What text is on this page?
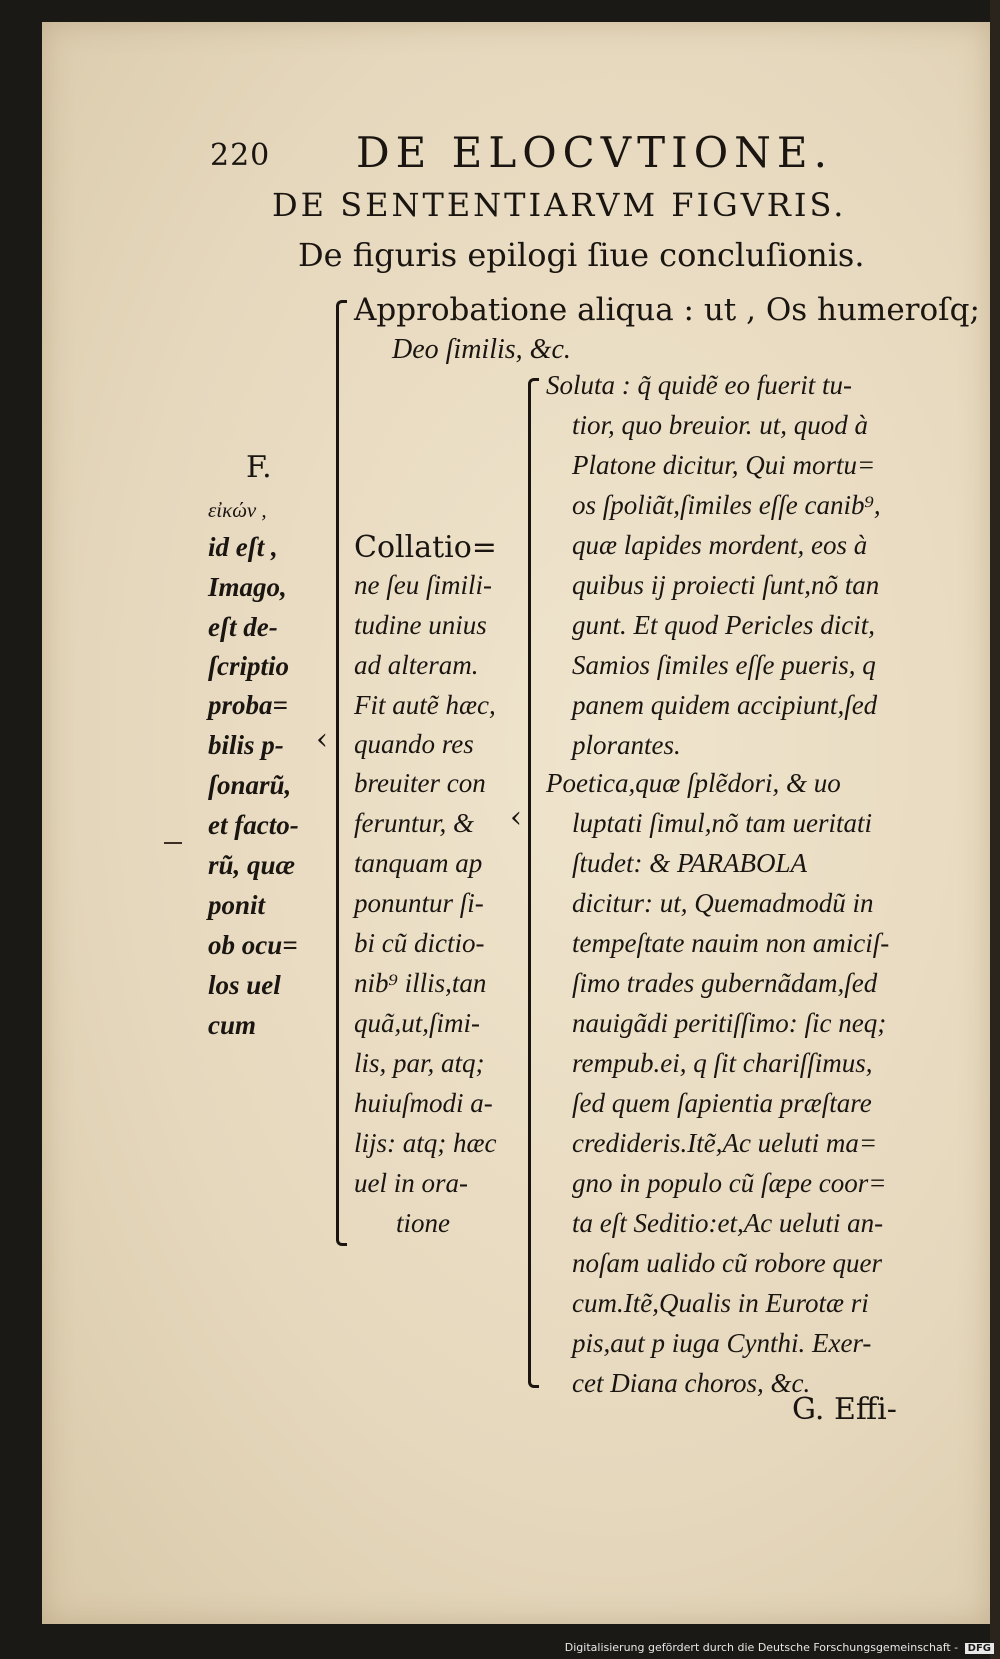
220 DE ELOCVTIONE.
DE SENTENTIARVM FIGVRIS.
De figuris epilogi ſiue concluſionis.
F.
εἰκών ,
id eſt ,
Imago,
eſt de-
ſcriptio
proba=
bilis p-
ſonarũ,
et facto-
rũ, quæ
ponit
ob ocu=
los uel
cum
‹
Approbatione aliqua : ut , Os humeroſq;
Deo ſimilis, &c.
Collatio=
ne ſeu ſimili-
tudine unius
ad alteram.
Fit autẽ hæc,
quando res
breuiter con
feruntur, &
tanquam ap
ponuntur ſi-
bi cũ dictio-
nib⁹ illis,tan
quã,ut,ſimi-
lis, par, atq;
huiuſmodi a-
lijs: atq; hæc
uel in ora-
tione
‹
Soluta : q̃ quidẽ eo fuerit tu-
tior, quo breuior. ut, quod à
Platone dicitur, Qui mortu=
os ſpoliãt,ſimiles eſſe canib⁹,
quæ lapides mordent, eos à
quibus ij proiecti ſunt,nõ tan
gunt. Et quod Pericles dicit,
Samios ſimiles eſſe pueris, q
panem quidem accipiunt,ſed
plorantes.
Poetica,quæ ſplẽdori, & uo
luptati ſimul,nõ tam ueritati
ſtudet: & PARABOLA
dicitur: ut, Quemadmodũ in
tempeſtate nauim non amiciſ-
ſimo trades gubernãdam,ſed
nauigãdi peritiſſimo: ſic neq;
rempub.ei, q ſit chariſſimus,
ſed quem ſapientia præſtare
credideris.Itẽ,Ac ueluti ma=
gno in populo cũ ſæpe coor=
ta eſt Seditio:et,Ac ueluti an-
noſam ualido cũ robore quer
cum.Itẽ,Qualis in Eurotæ ri
pis,aut p iuga Cynthi. Exer-
cet Diana choros, &c.
G. Effi-
Digitalisierung gefördert durch die Deutsche Forschungsgemeinschaft - DFG
